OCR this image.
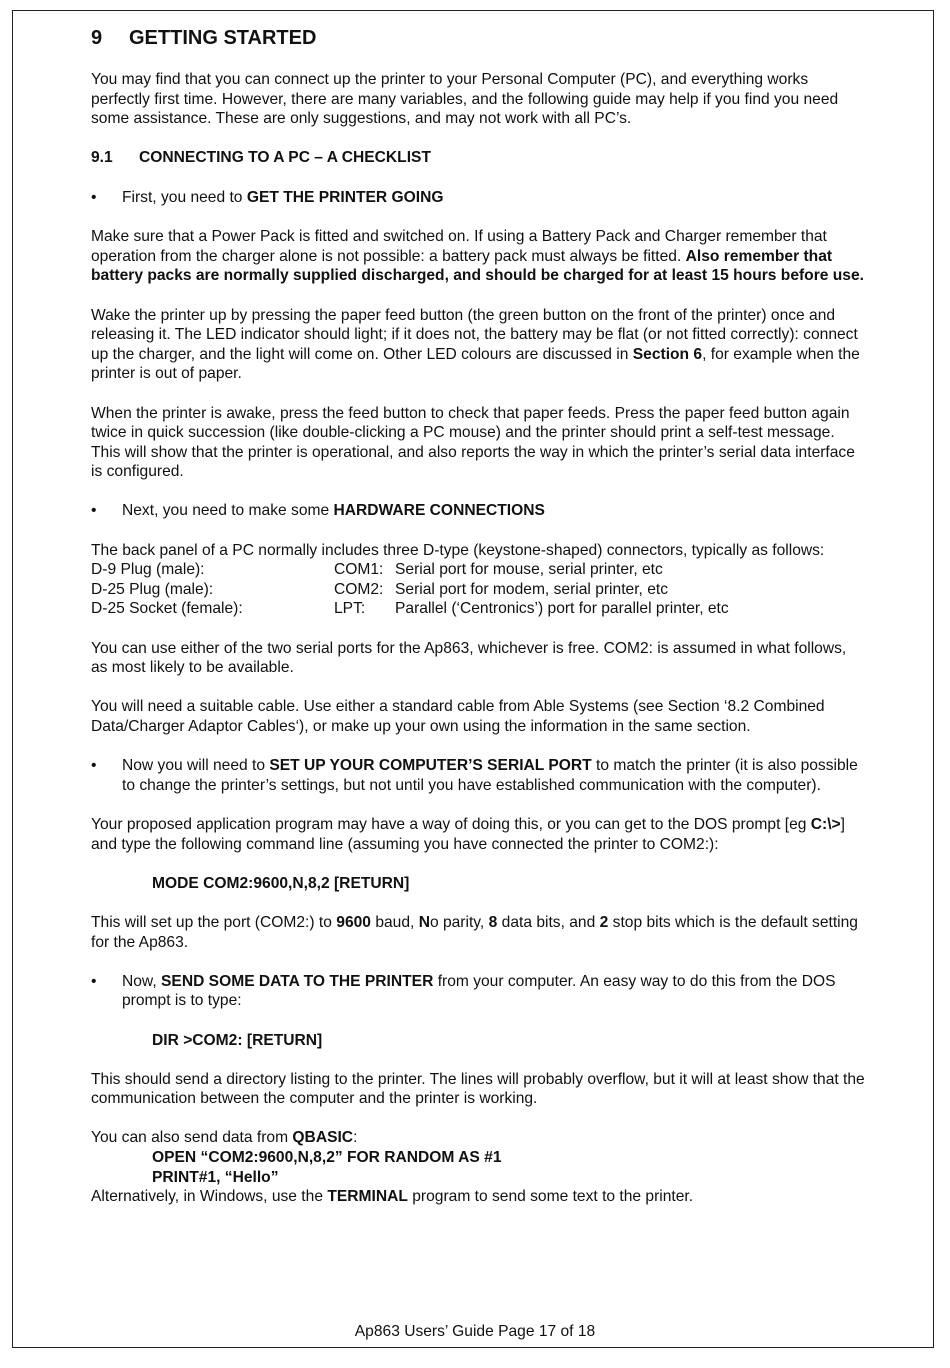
9 GETTING STARTED

You may find that you can connect up the printer to your Personal Computer (PC), and everything works perfectly first time. However, there are many variables, and the following guide may help if you find you need some assistance. These are only suggestions, and may not work with all PC’s.

9.1 CONNECTING TO A PC – A CHECKLIST
• First, you need to GET THE PRINTER GOING

Make sure that a Power Pack is fitted and switched on. If using a Battery Pack and Charger remember that operation from the charger alone is not possible: a battery pack must always be fitted. Also remember that battery packs are normally supplied discharged, and should be charged for at least 15 hours before use.

Wake the printer up by pressing the paper feed button (the green button on the front of the printer) once and releasing it. The LED indicator should light; if it does not, the battery may be flat (or not fitted correctly): connect up the charger, and the light will come on. Other LED colours are discussed in Section 6, for example when the printer is out of paper.

When the printer is awake, press the feed button to check that paper feeds. Press the paper feed button again twice in quick succession (like double-clicking a PC mouse) and the printer should print a self-test message. This will show that the printer is operational, and also reports the way in which the printer’s serial data interface is configured.

• Next, you need to make some HARDWARE CONNECTIONS

The back panel of a PC normally includes three D-type (keystone-shaped) connectors, typically as follows:

D-9 Plug (male):	COM1: Serial port for mouse, serial printer, etc
D-25 Plug (male):	COM2: Serial port for modem, serial printer, etc
D-25 Socket (female):	LPT:	Parallel (‘Centronics’) port for parallel printer, etc

You can use either of the two serial ports for the Ap863, whichever is free. COM2: is assumed in what follows, as most likely to be available.

You will need a suitable cable. Use either a standard cable from Able Systems (see Section ‘8.2 Combined Data/Charger Adaptor Cables‘), or make up your own using the information in the same section.

• Now you will need to SET UP YOUR COMPUTER’S SERIAL PORT to match the printer (it is also possible to change the printer’s settings, but not until you have established communication with the computer).

Your proposed application program may have a way of doing this, or you can get to the DOS prompt [eg C:\>] and type the following command line (assuming you have connected the printer to COM2:):

MODE COM2:9600,N,8,2 [RETURN]

This will set up the port (COM2:) to 9600 baud, No parity, 8 data bits, and 2 stop bits which is the default setting for the Ap863.

• Now, SEND SOME DATA TO THE PRINTER from your computer. An easy way to do this from the DOS prompt is to type:
DIR >COM2: [RETURN]

This should send a directory listing to the printer. The lines will probably overflow, but it will at least show that the communication between the computer and the printer is working.

You can also send data from QBASIC:
OPEN “COM2:9600,N,8,2” FOR RANDOM AS #1
PRINT#1, “Hello”
Alternatively, in Windows, use the TERMINAL program to send some text to the printer.
Ap863 Users’ Guide Page 17 of 18
